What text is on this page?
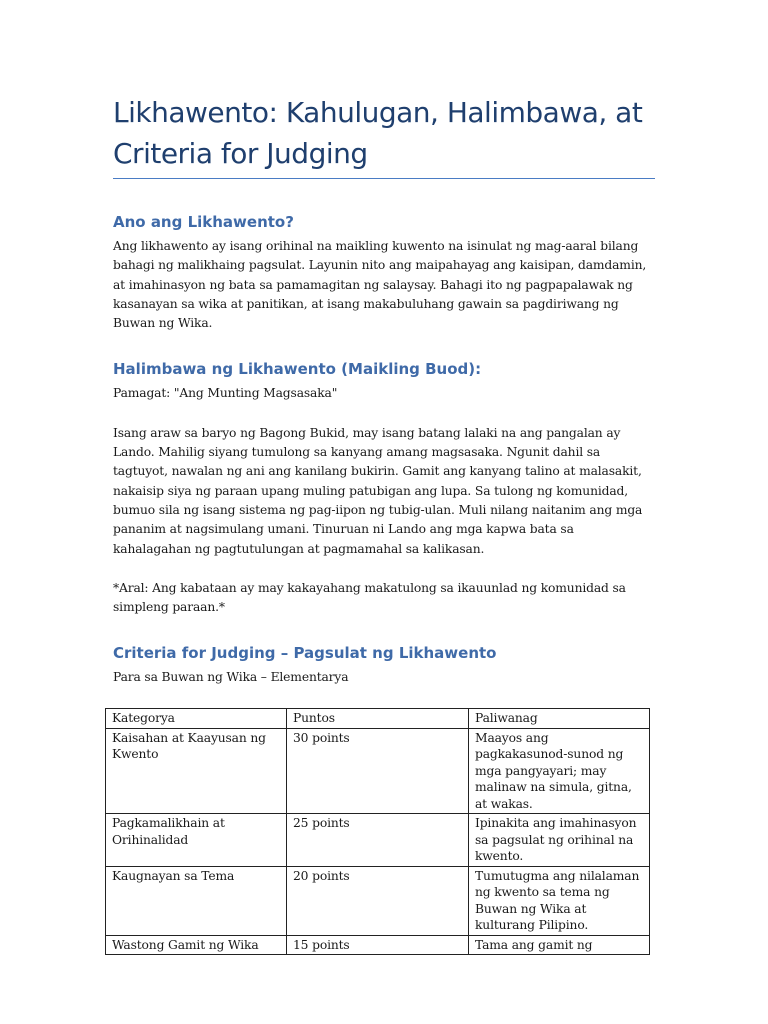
Likhawento: Kahulugan, Halimbawa, at Criteria for Judging
Ano ang Likhawento?

Ang likhawento ay isang orihinal na maikling kuwento na isinulat ng mag-aaral bilang bahagi ng malikhaing pagsulat. Layunin nito ang maipahayag ang kaisipan, damdamin, at imahinasyon ng bata sa pamamagitan ng salaysay. Bahagi ito ng pagpapalawak ng kasanayan sa wika at panitikan, at isang makabuluhang gawain sa pagdiriwang ng Buwan ng Wika.

Halimbawa ng Likhawento (Maikling Buod):

Pamagat: "Ang Munting Magsasaka"

Isang araw sa baryo ng Bagong Bukid, may isang batang lalaki na ang pangalan ay Lando. Mahilig siyang tumulong sa kanyang amang magsasaka. Ngunit dahil sa tagtuyot, nawalan ng ani ang kanilang bukirin. Gamit ang kanyang talino at malasakit, nakaisip siya ng paraan upang muling patubigan ang lupa. Sa tulong ng komunidad, bumuo sila ng isang sistema ng pag-iipon ng tubig-ulan. Muli nilang naitanim ang mga pananim at nagsimulang umani. Tinuruan ni Lando ang mga kapwa bata sa kahalagahan ng pagtutulungan at pagmamahal sa kalikasan.

*Aral: Ang kabataan ay may kakayahang makatulong sa ikauunlad ng komunidad sa simpleng paraan.*

Criteria for Judging – Pagsulat ng Likhawento

Para sa Buwan ng Wika – Elementarya

Kategorya	Puntos	Paliwanag
Kaisahan at Kaayusan ng Kwento	30 points	Maayos ang pagkakasunod-sunod ng mga pangyayari; may malinaw na simula, gitna, at wakas.
Pagkamalikhain at Orihinalidad	25 points	Ipinakita ang imahinasyon sa pagsulat ng orihinal na kwento.
Kaugnayan sa Tema	20 points	Tumutugma ang nilalaman ng kwento sa tema ng Buwan ng Wika at kulturang Pilipino.
Wastong Gamit ng Wika	15 points	Tama ang gamit ng
